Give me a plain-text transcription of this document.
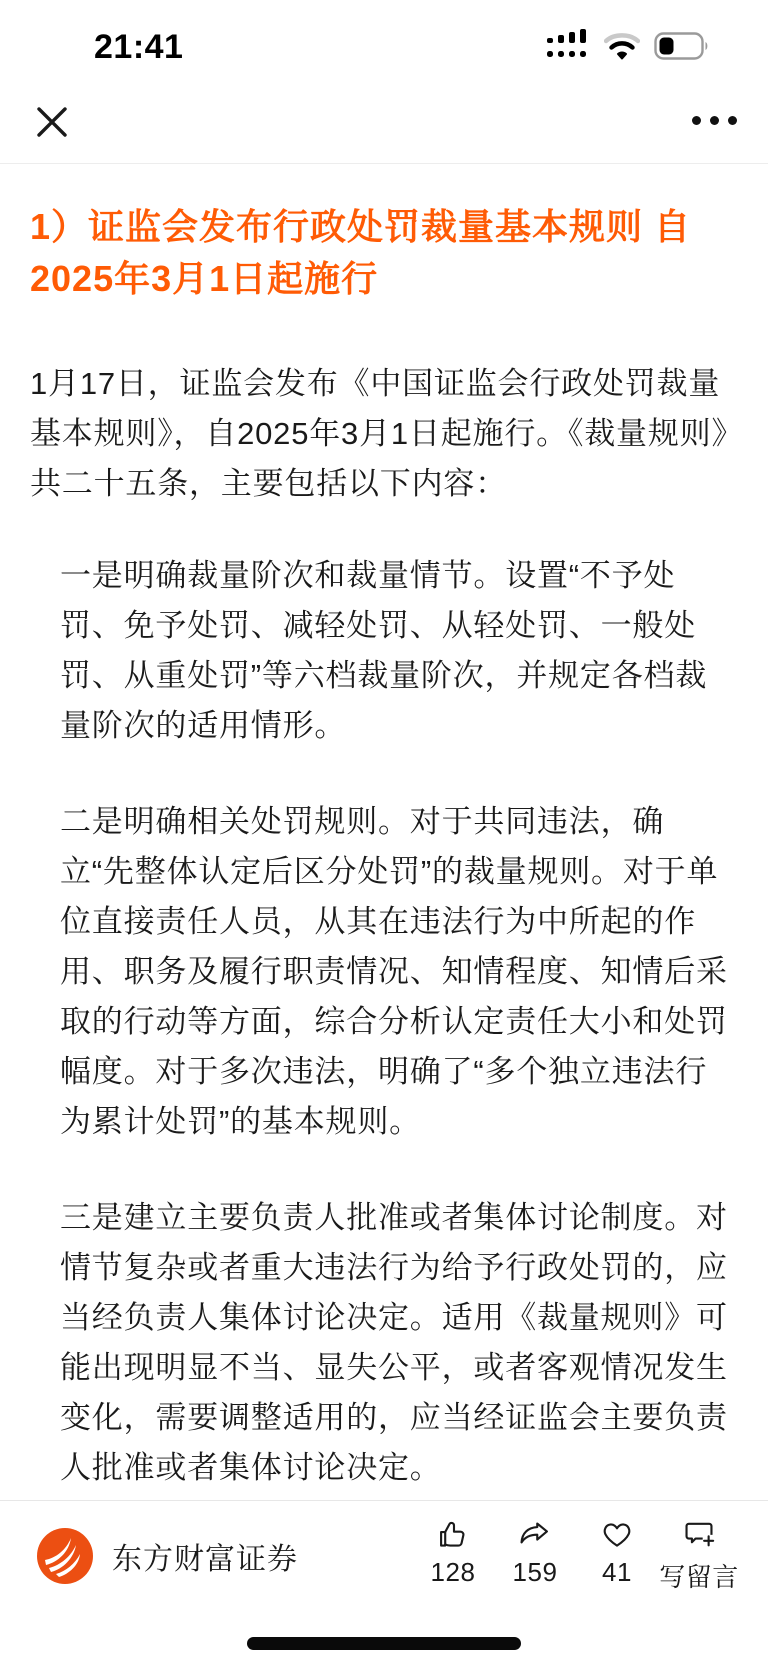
21:41
1）证监会发布行政处罚裁量基本规则 自2025年3月1日起施行

1月17日，证监会发布《中国证监会行政处罚裁量基本规则》，自2025年3月1日起施行。《裁量规则》共二十五条，主要包括以下内容：

一是明确裁量阶次和裁量情节。设置“不予处罚、免予处罚、减轻处罚、从轻处罚、一般处罚、从重处罚”等六档裁量阶次，并规定各档裁量阶次的适用情形。

二是明确相关处罚规则。对于共同违法，确立“先整体认定后区分处罚”的裁量规则。对于单位直接责任人员，从其在违法行为中所起的作用、职务及履行职责情况、知情程度、知情后采取的行动等方面，综合分析认定责任大小和处罚幅度。对于多次违法，明确了“多个独立违法行为累计处罚”的基本规则。

三是建立主要负责人批准或者集体讨论制度。对情节复杂或者重大违法行为给予行政处罚的，应当经负责人集体讨论决定。适用《裁量规则》可能出现明显不当、显失公平，或者客观情况发生变化，需要调整适用的，应当经证监会主要负责人批准或者集体讨论决定。

东方财富证券	128 159 41 写留言
